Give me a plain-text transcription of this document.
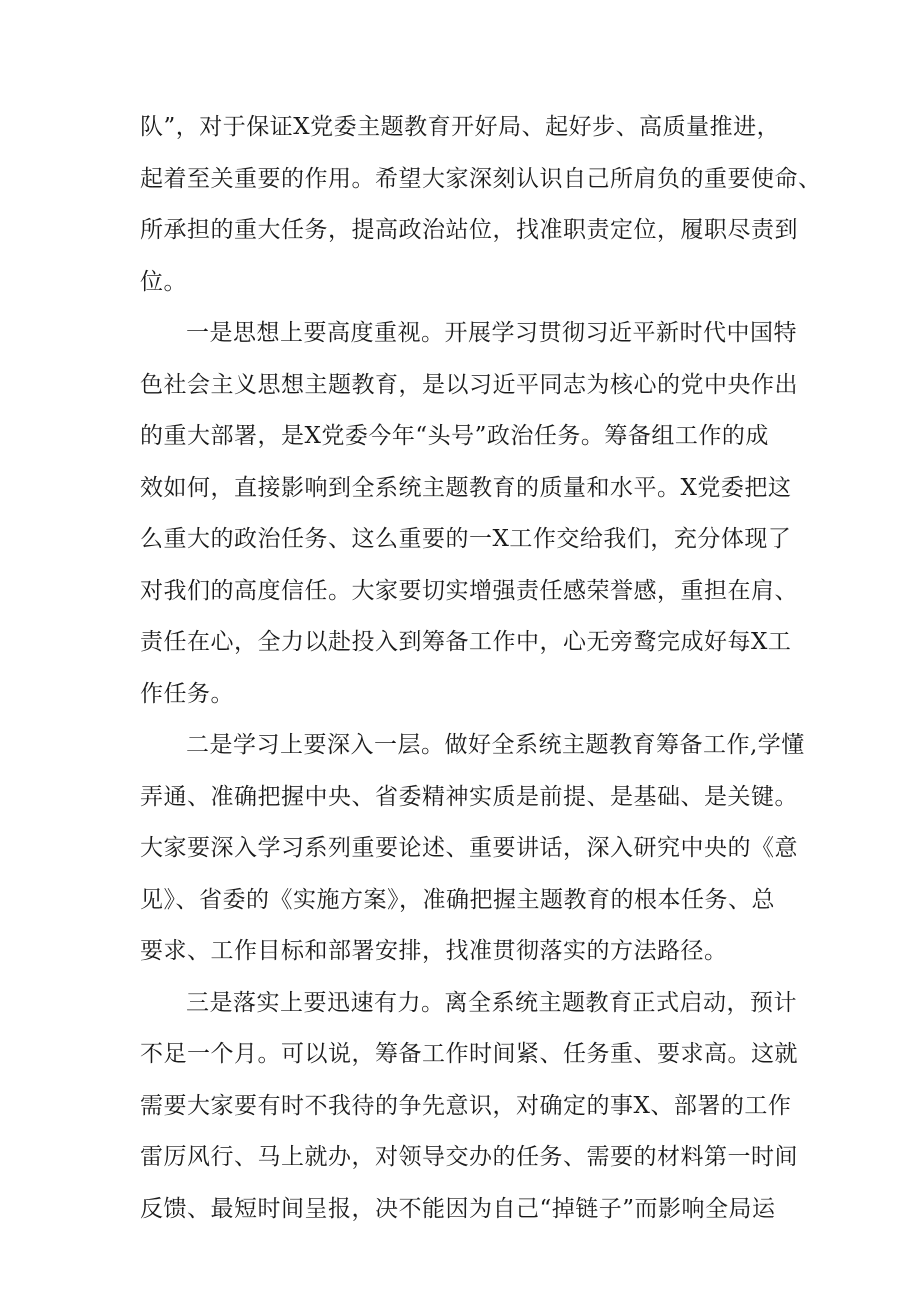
队”，对于保证X党委主题教育开好局、起好步、高质量推进，
起着至关重要的作用。希望大家深刻认识自己所肩负的重要使命、
所承担的重大任务，提高政治站位，找准职责定位，履职尽责到
位。
一是思想上要高度重视。开展学习贯彻习近平新时代中国特
色社会主义思想主题教育，是以习近平同志为核心的党中央作出
的重大部署，是X党委今年“头号”政治任务。筹备组工作的成
效如何，直接影响到全系统主题教育的质量和水平。X党委把这
么重大的政治任务、这么重要的一X工作交给我们，充分体现了
对我们的高度信任。大家要切实增强责任感荣誉感，重担在肩、
责任在心，全力以赴投入到筹备工作中，心无旁鹜完成好每X工
作任务。
二是学习上要深入一层。做好全系统主题教育筹备工作,学懂
弄通、准确把握中央、省委精神实质是前提、是基础、是关键。
大家要深入学习系列重要论述、重要讲话，深入研究中央的《意
见》、省委的《实施方案》，准确把握主题教育的根本任务、总
要求、工作目标和部署安排，找准贯彻落实的方法路径。
三是落实上要迅速有力。离全系统主题教育正式启动，预计
不足一个月。可以说，筹备工作时间紧、任务重、要求高。这就
需要大家要有时不我待的争先意识，对确定的事X、部署的工作
雷厉风行、马上就办，对领导交办的任务、需要的材料第一时间
反馈、最短时间呈报，决不能因为自己“掉链子”而影响全局运
